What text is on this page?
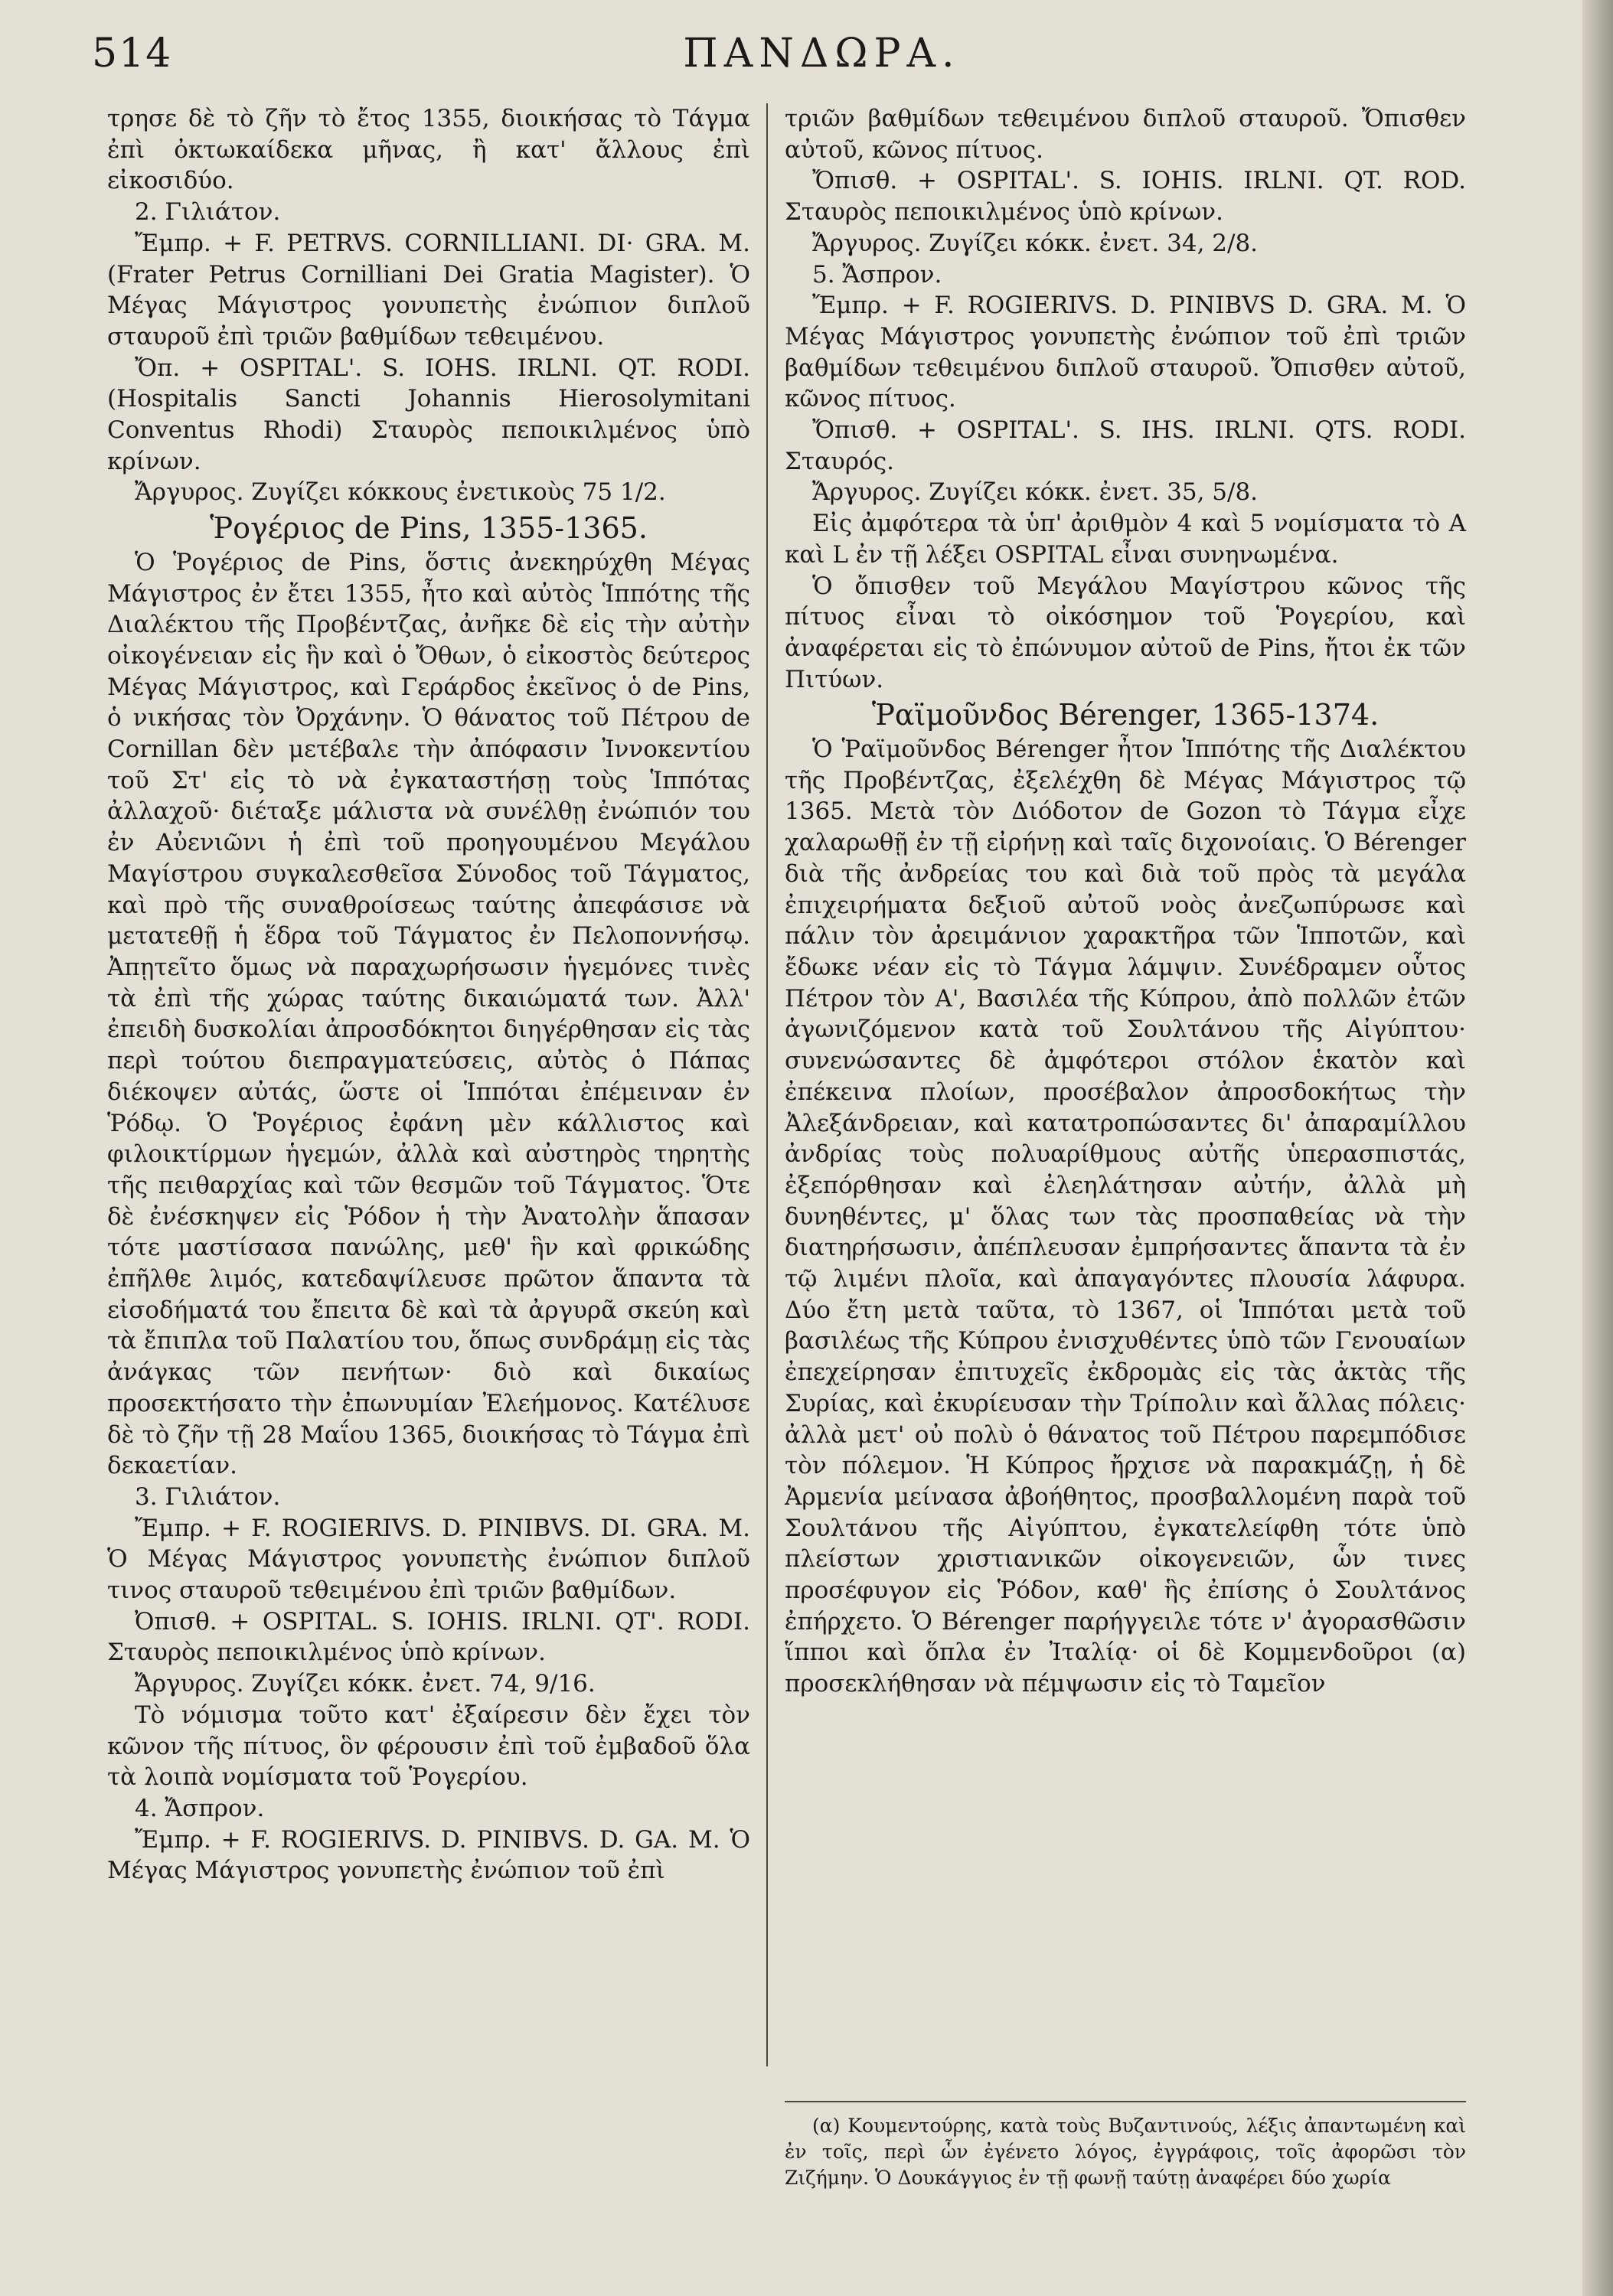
514	ΠΑΝΔΩΡΑ.

τρησε δὲ τὸ ζῆν τὸ ἔτος 1355, διοικήσας τὸ Τάγμα ἐπὶ ὀκτωκαίδεκα μῆνας, ἢ κατ' ἄλλους ἐπὶ εἰκοσιδύο.

2. Γιλιάτον.

Ἔμπρ. + F. PETRVS. CORNILLIANI. DI· GRA. M. (Frater Petrus Cornilliani Dei Gratia Magister). Ὁ Μέγας Μάγιστρος γονυπετὴς ἐνώπιον διπλοῦ σταυροῦ ἐπὶ τριῶν βαθμίδων τεθειμένου.

Ὄπ. + OSPITAL'. S. IOHS. IRLNI. QT. RODI. (Hospitalis Sancti Johannis Hierosolymitani Conventus Rhodi) Σταυρὸς πεποικιλμένος ὑπὸ κρίνων.

Ἄργυρος. Ζυγίζει κόκκους ἐνετικοὺς 75 1/2.

Ῥογέριος de Pins, 1355-1365.

Ὁ Ῥογέριος de Pins, ὅστις ἀνεκηρύχθη Μέγας Μάγιστρος ἐν ἔτει 1355, ἦτο καὶ αὐτὸς Ἱππότης τῆς Διαλέκτου τῆς Προβέντζας, ἀνῆκε δὲ εἰς τὴν αὐτὴν οἰκογένειαν εἰς ἣν καὶ ὁ Ὄθων, ὁ εἰκοστὸς δεύτερος Μέγας Μάγιστρος, καὶ Γεράρδος ἐκεῖνος ὁ de Pins, ὁ νικήσας τὸν Ὀρχάνην. Ὁ θάνατος τοῦ Πέτρου de Cornillan δὲν μετέβαλε τὴν ἀπόφασιν Ἰννοκεντίου τοῦ Στ' εἰς τὸ νὰ ἐγκαταστήσῃ τοὺς Ἱππότας ἀλλαχοῦ· διέταξε μάλιστα νὰ συνέλθῃ ἐνώπιόν του ἐν Αὐενιῶνι ἡ ἐπὶ τοῦ προηγουμένου Μεγάλου Μαγίστρου συγκαλεσθεῖσα Σύνοδος τοῦ Τάγματος, καὶ πρὸ τῆς συναθροίσεως ταύτης ἀπεφάσισε νὰ μετατεθῇ ἡ ἕδρα τοῦ Τάγματος ἐν Πελοποννήσῳ. Ἀπῃτεῖτο ὅμως νὰ παραχωρήσωσιν ἡγεμόνες τινὲς τὰ ἐπὶ τῆς χώρας ταύτης δικαιώματά των. Ἀλλ' ἐπειδὴ δυσκολίαι ἀπροσδόκητοι διηγέρθησαν εἰς τὰς περὶ τούτου διεπραγματεύσεις, αὐτὸς ὁ Πάπας διέκοψεν αὐτάς, ὥστε οἱ Ἱππόται ἐπέμειναν ἐν Ῥόδῳ. Ὁ Ῥογέριος ἐφάνη μὲν κάλλιστος καὶ φιλοικτίρμων ἡγεμών, ἀλλὰ καὶ αὐστηρὸς τηρητὴς τῆς πειθαρχίας καὶ τῶν θεσμῶν τοῦ Τάγματος. Ὅτε δὲ ἐνέσκηψεν εἰς Ῥόδον ἡ τὴν Ἀνατολὴν ἅπασαν τότε μαστίσασα πανώλης, μεθ' ἣν καὶ φρικώδης ἐπῆλθε λιμός, κατεδαψίλευσε πρῶτον ἅπαντα τὰ εἰσοδήματά του ἔπειτα δὲ καὶ τὰ ἀργυρᾶ σκεύη καὶ τὰ ἔπιπλα τοῦ Παλατίου του, ὅπως συνδράμῃ εἰς τὰς ἀνάγκας τῶν πενήτων· διὸ καὶ δικαίως προσεκτήσατο τὴν ἐπωνυμίαν Ἐλεήμονος. Κατέλυσε δὲ τὸ ζῆν τῇ 28 Μαΐου 1365, διοικήσας τὸ Τάγμα ἐπὶ δεκαετίαν.

3. Γιλιάτον.

Ἔμπρ. + F. ROGIERIVS. D. PINIBVS. DI. GRA. M. Ὁ Μέγας Μάγιστρος γονυπετὴς ἐνώπιον διπλοῦ τινος σταυροῦ τεθειμένου ἐπὶ τριῶν βαθμίδων.

Ὀπισθ. + OSPITAL. S. IOHIS. IRLNI. QT'. RODI. Σταυρὸς πεποικιλμένος ὑπὸ κρίνων.

Ἄργυρος. Ζυγίζει κόκκ. ἐνετ. 74, 9/16.

Τὸ νόμισμα τοῦτο κατ' ἐξαίρεσιν δὲν ἔχει τὸν κῶνον τῆς πίτυος, ὃν φέρουσιν ἐπὶ τοῦ ἐμβαδοῦ ὅλα τὰ λοιπὰ νομίσματα τοῦ Ῥογερίου.

4. Ἄσπρον.

Ἔμπρ. + F. ROGIERIVS. D. PINIBVS. D. GA. M. Ὁ Μέγας Μάγιστρος γονυπετὴς ἐνώπιον τοῦ ἐπὶ

τριῶν βαθμίδων τεθειμένου διπλοῦ σταυροῦ. Ὄπισθεν αὐτοῦ, κῶνος πίτυος.

Ὄπισθ. + OSPITAL'. S. IOHIS. IRLNI. QT. ROD. Σταυρὸς πεποικιλμένος ὑπὸ κρίνων.

Ἄργυρος. Ζυγίζει κόκκ. ἐνετ. 34, 2/8.

5. Ἄσπρον.

Ἔμπρ. + F. ROGIERIVS. D. PINIBVS D. GRA. M. Ὁ Μέγας Μάγιστρος γονυπετὴς ἐνώπιον τοῦ ἐπὶ τριῶν βαθμίδων τεθειμένου διπλοῦ σταυροῦ. Ὄπισθεν αὐτοῦ, κῶνος πίτυος.

Ὄπισθ. + OSPITAL'. S. IHS. IRLNI. QTS. RODI. Σταυρός.

Ἄργυρος. Ζυγίζει κόκκ. ἐνετ. 35, 5/8.

Εἰς ἀμφότερα τὰ ὑπ' ἀριθμὸν 4 καὶ 5 νομίσματα τὸ A καὶ L ἐν τῇ λέξει OSPITAL εἶναι συνηνωμένα.

Ὁ ὄπισθεν τοῦ Μεγάλου Μαγίστρου κῶνος τῆς πίτυος εἶναι τὸ οἰκόσημον τοῦ Ῥογερίου, καὶ ἀναφέρεται εἰς τὸ ἐπώνυμον αὐτοῦ de Pins, ἤτοι ἐκ τῶν Πιτύων.

Ῥαϊμοῦνδος Bérenger, 1365-1374.

Ὁ Ῥαϊμοῦνδος Bérenger ἦτον Ἱππότης τῆς Διαλέκτου τῆς Προβέντζας, ἐξελέχθη δὲ Μέγας Μάγιστρος τῷ 1365. Μετὰ τὸν Διόδοτον de Gozon τὸ Τάγμα εἶχε χαλαρωθῇ ἐν τῇ εἰρήνῃ καὶ ταῖς διχονοίαις. Ὁ Bérenger διὰ τῆς ἀνδρείας του καὶ διὰ τοῦ πρὸς τὰ μεγάλα ἐπιχειρήματα δεξιοῦ αὐτοῦ νοὸς ἀνεζωπύρωσε καὶ πάλιν τὸν ἀρειμάνιον χαρακτῆρα τῶν Ἱπποτῶν, καὶ ἔδωκε νέαν εἰς τὸ Τάγμα λάμψιν. Συνέδραμεν οὗτος Πέτρον τὸν Α', Βασιλέα τῆς Κύπρου, ἀπὸ πολλῶν ἐτῶν ἀγωνιζόμενον κατὰ τοῦ Σουλτάνου τῆς Αἰγύπτου· συνενώσαντες δὲ ἀμφότεροι στόλον ἑκατὸν καὶ ἐπέκεινα πλοίων, προσέβαλον ἀπροσδοκήτως τὴν Ἀλεξάνδρειαν, καὶ κατατροπώσαντες δι' ἀπαραμίλλου ἀνδρίας τοὺς πολυαρίθμους αὐτῆς ὑπερασπιστάς, ἐξεπόρθησαν καὶ ἐλεηλάτησαν αὐτήν, ἀλλὰ μὴ δυνηθέντες, μ' ὅλας των τὰς προσπαθείας νὰ τὴν διατηρήσωσιν, ἀπέπλευσαν ἐμπρήσαντες ἅπαντα τὰ ἐν τῷ λιμένι πλοῖα, καὶ ἀπαγαγόντες πλουσία λάφυρα. Δύο ἔτη μετὰ ταῦτα, τὸ 1367, οἱ Ἱππόται μετὰ τοῦ βασιλέως τῆς Κύπρου ἐνισχυθέντες ὑπὸ τῶν Γενουαίων ἐπεχείρησαν ἐπιτυχεῖς ἐκδρομὰς εἰς τὰς ἀκτὰς τῆς Συρίας, καὶ ἐκυρίευσαν τὴν Τρίπολιν καὶ ἄλλας πόλεις· ἀλλὰ μετ' οὐ πολὺ ὁ θάνατος τοῦ Πέτρου παρεμπόδισε τὸν πόλεμον. Ἡ Κύπρος ἤρχισε νὰ παρακμάζῃ, ἡ δὲ Ἀρμενία μείνασα ἀβοήθητος, προσβαλλομένη παρὰ τοῦ Σουλτάνου τῆς Αἰγύπτου, ἐγκατελείφθη τότε ὑπὸ πλείστων χριστιανικῶν οἰκογενειῶν, ὧν τινες προσέφυγον εἰς Ῥόδον, καθ' ἣς ἐπίσης ὁ Σουλτάνος ἐπήρχετο. Ὁ Bérenger παρήγγειλε τότε ν' ἀγορασθῶσιν ἵπποι καὶ ὅπλα ἐν Ἰταλίᾳ· οἱ δὲ Κομμενδοῦροι (α) προσεκλήθησαν νὰ πέμψωσιν εἰς τὸ Ταμεῖον

(α) Κουμεντούρης, κατὰ τοὺς Βυζαντινούς, λέξις ἀπαντωμένη καὶ ἐν τοῖς, περὶ ὧν ἐγένετο λόγος, ἐγγράφοις, τοῖς ἀφορῶσι τὸν Ζιζήμην. Ὁ Δουκάγγιος ἐν τῇ φωνῇ ταύτῃ ἀναφέρει δύο χωρία
